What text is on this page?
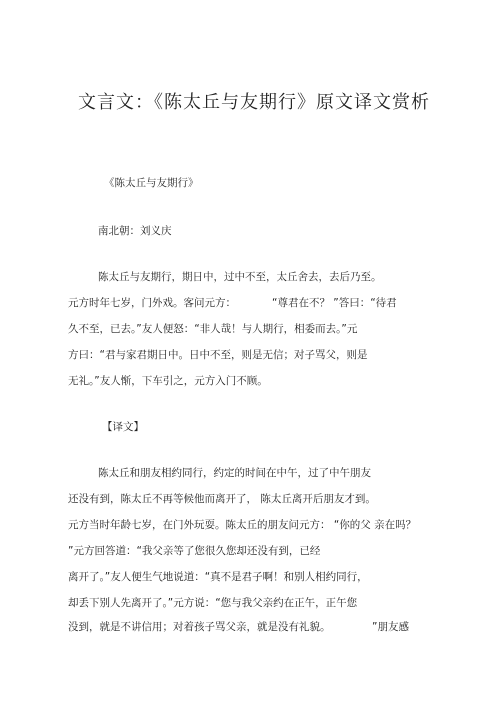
文言文：《陈太丘与友期行》原文译文赏析
《陈太丘与友期行》
南北朝：刘义庆
陈太丘与友期行，期日中，过中不至，太丘舍去，去后乃至。
元方时年七岁，门外戏。客问元方：	“尊君在不？ ”答曰：“待君
久不至，已去。”友人便怒：“非人哉！与人期行，相委而去。”元
方曰：“君与家君期日中。日中不至，则是无信；对子骂父，则是
无礼。”友人惭，下车引之，元方入门不顾。
【译文】
陈太丘和朋友相约同行，约定的时间在中午，过了中午朋友
还没有到，陈太丘不再等候他而离开了， 陈太丘离开后朋友才到。
元方当时年龄七岁，在门外玩耍。陈太丘的朋友问元方： “你的父 亲在吗？
”元方回答道：“我父亲等了您很久您却还没有到，已经
离开了。”友人便生气地说道：“真不是君子啊！和别人相约同行，
却丢下别人先离开了。”元方说：“您与我父亲约在正午，正午您
没到，就是不讲信用；对着孩子骂父亲，就是没有礼貌。	”朋友感
